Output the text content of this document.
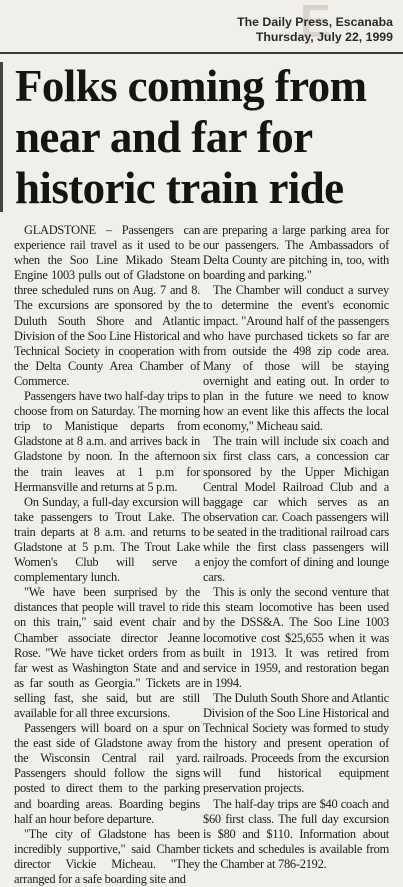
E
The Daily Press, Escanaba
Thursday, July 22, 1999
Folks coming from
near and far for
historic train ride

GLADSTONE – Passengers can experience rail travel as it used to be when the Soo Line Mikado Steam Engine 1003 pulls out of Gladstone on three scheduled runs on Aug. 7 and 8. The excursions are sponsored by the Duluth South Shore and Atlantic Division of the Soo Line Historical and Technical Society in cooperation with the Delta County Area Chamber of Commerce.

Passengers have two half-day trips to choose from on Saturday. The morning trip to Manistique departs from Gladstone at 8 a.m. and arrives back in Gladstone by noon. In the afternoon the train leaves at 1 p.m for Hermansville and returns at 5 p.m.

On Sunday, a full-day excursion will take passengers to Trout Lake. The train departs at 8 a.m. and returns to Gladstone at 5 p.m. The Trout Lake Women's Club will serve a complementary lunch.

"We have been surprised by the distances that people will travel to ride on this train," said event chair and Chamber associate director Jeanne Rose. "We have ticket orders from as far west as Washington State and and as far south as Georgia." Tickets are selling fast, she said, but are still available for all three excursions.

Passengers will board on a spur on the east side of Gladstone away from the Wisconsin Central rail yard. Passengers should follow the signs posted to direct them to the parking and boarding areas. Boarding begins half an hour before departure.

"The city of Gladstone has been incredibly supportive," said Chamber director Vickie Micheau. "They arranged for a safe boarding site and

are preparing a large parking area for our passengers. The Ambassadors of Delta County are pitching in, too, with boarding and parking."

The Chamber will conduct a survey to determine the event's economic impact. "Around half of the passengers who have purchased tickets so far are from outside the 498 zip code area. Many of those will be staying overnight and eating out. In order to plan in the future we need to know how an event like this affects the local economy," Micheau said.

The train will include six coach and six first class cars, a concession car sponsored by the Upper Michigan Central Model Railroad Club and a baggage car which serves as an observation car. Coach passengers will be seated in the traditional railroad cars while the first class passengers will enjoy the comfort of dining and lounge cars.

This is only the second venture that this steam locomotive has been used by the DSS&A. The Soo Line 1003 locomotive cost $25,655 when it was built in 1913. It was retired from service in 1959, and restoration began in 1994.

The Duluth South Shore and Atlantic Division of the Soo Line Historical and Technical Society was formed to study the history and present operation of railroads. Proceeds from the excursion will fund historical equipment preservation projects.

The half-day trips are $40 coach and $60 first class. The full day excursion is $80 and $110. Information about tickets and schedules is available from the Chamber at 786-2192.
